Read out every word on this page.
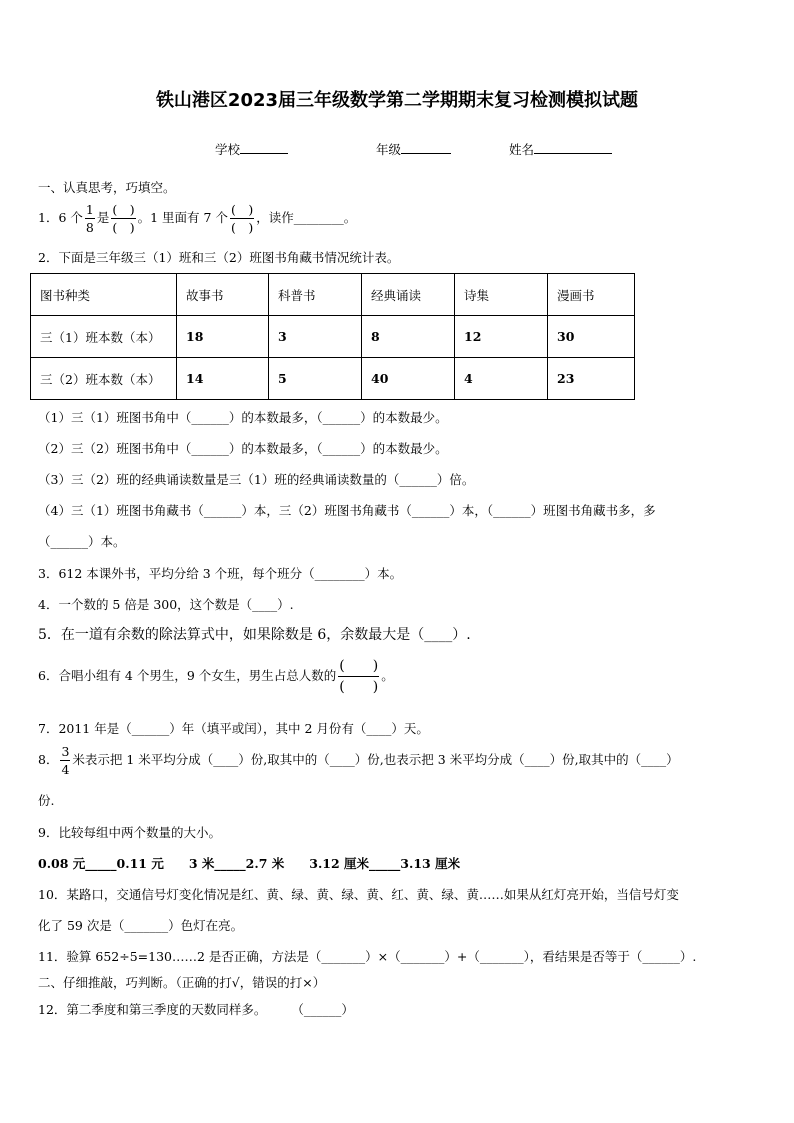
铁山港区2023届三年级数学第二学期期末复习检测模拟试题
学校	年级	姓名
一、认真思考，巧填空。
1．6 个 $\frac{1}{8}$ 是 $\frac{( )}{( )}$ 。1 里面有 7 个 $\frac{( )}{( )}$ ，读作________。
2．下面是三年级三（1）班和三（2）班图书角藏书情况统计表。
图书种类	故事书	科普书	经典诵读	诗集	漫画书
三（1）班本数（本）	18	3	8	12	30
三（2）班本数（本）	14	5	40	4	23
（1）三（1）班图书角中（______）的本数最多，（______）的本数最少。
（2）三（2）班图书角中（______）的本数最多，（______）的本数最少。
（3）三（2）班的经典诵读数量是三（1）班的经典诵读数量的（______）倍。
（4）三（1）班图书角藏书（______）本，三（2）班图书角藏书（______）本，（______）班图书角藏书多，多
（______）本。
3．612 本课外书，平均分给 3 个班，每个班分（________）本。
4．一个数的 5 倍是 300，这个数是（____）.
5．在一道有余数的除法算式中，如果除数是 6，余数最大是（____）.
6．合唱小组有 4 个男生，9 个女生，男生占总人数的 $\frac{( )}{( )}$ 。
7．2011 年是（______）年（填平或闰），其中 2 月份有（____）天。
8． $\frac{3}{4}$ 米表示把 1 米平均分成（____）份,取其中的（____）份,也表示把 3 米平均分成（____）份,取其中的（____）
份.
9．比较每组中两个数量的大小。
0.08 元_____0.11 元　　3 米_____2.7 米　　3.12 厘米_____3.13 厘米
10．某路口，交通信号灯变化情况是红、黄、绿、黄、绿、黄、红、黄、绿、黄……如果从红灯亮开始，当信号灯变
化了 59 次是（_______）色灯在亮。
11．验算 652÷5=130……2 是否正确，方法是（_______）×（_______）+（_______），看结果是否等于（______）.
二、仔细推敲，巧判断。（正确的打√，错误的打×）
12．第二季度和第三季度的天数同样多。　　　（______）
